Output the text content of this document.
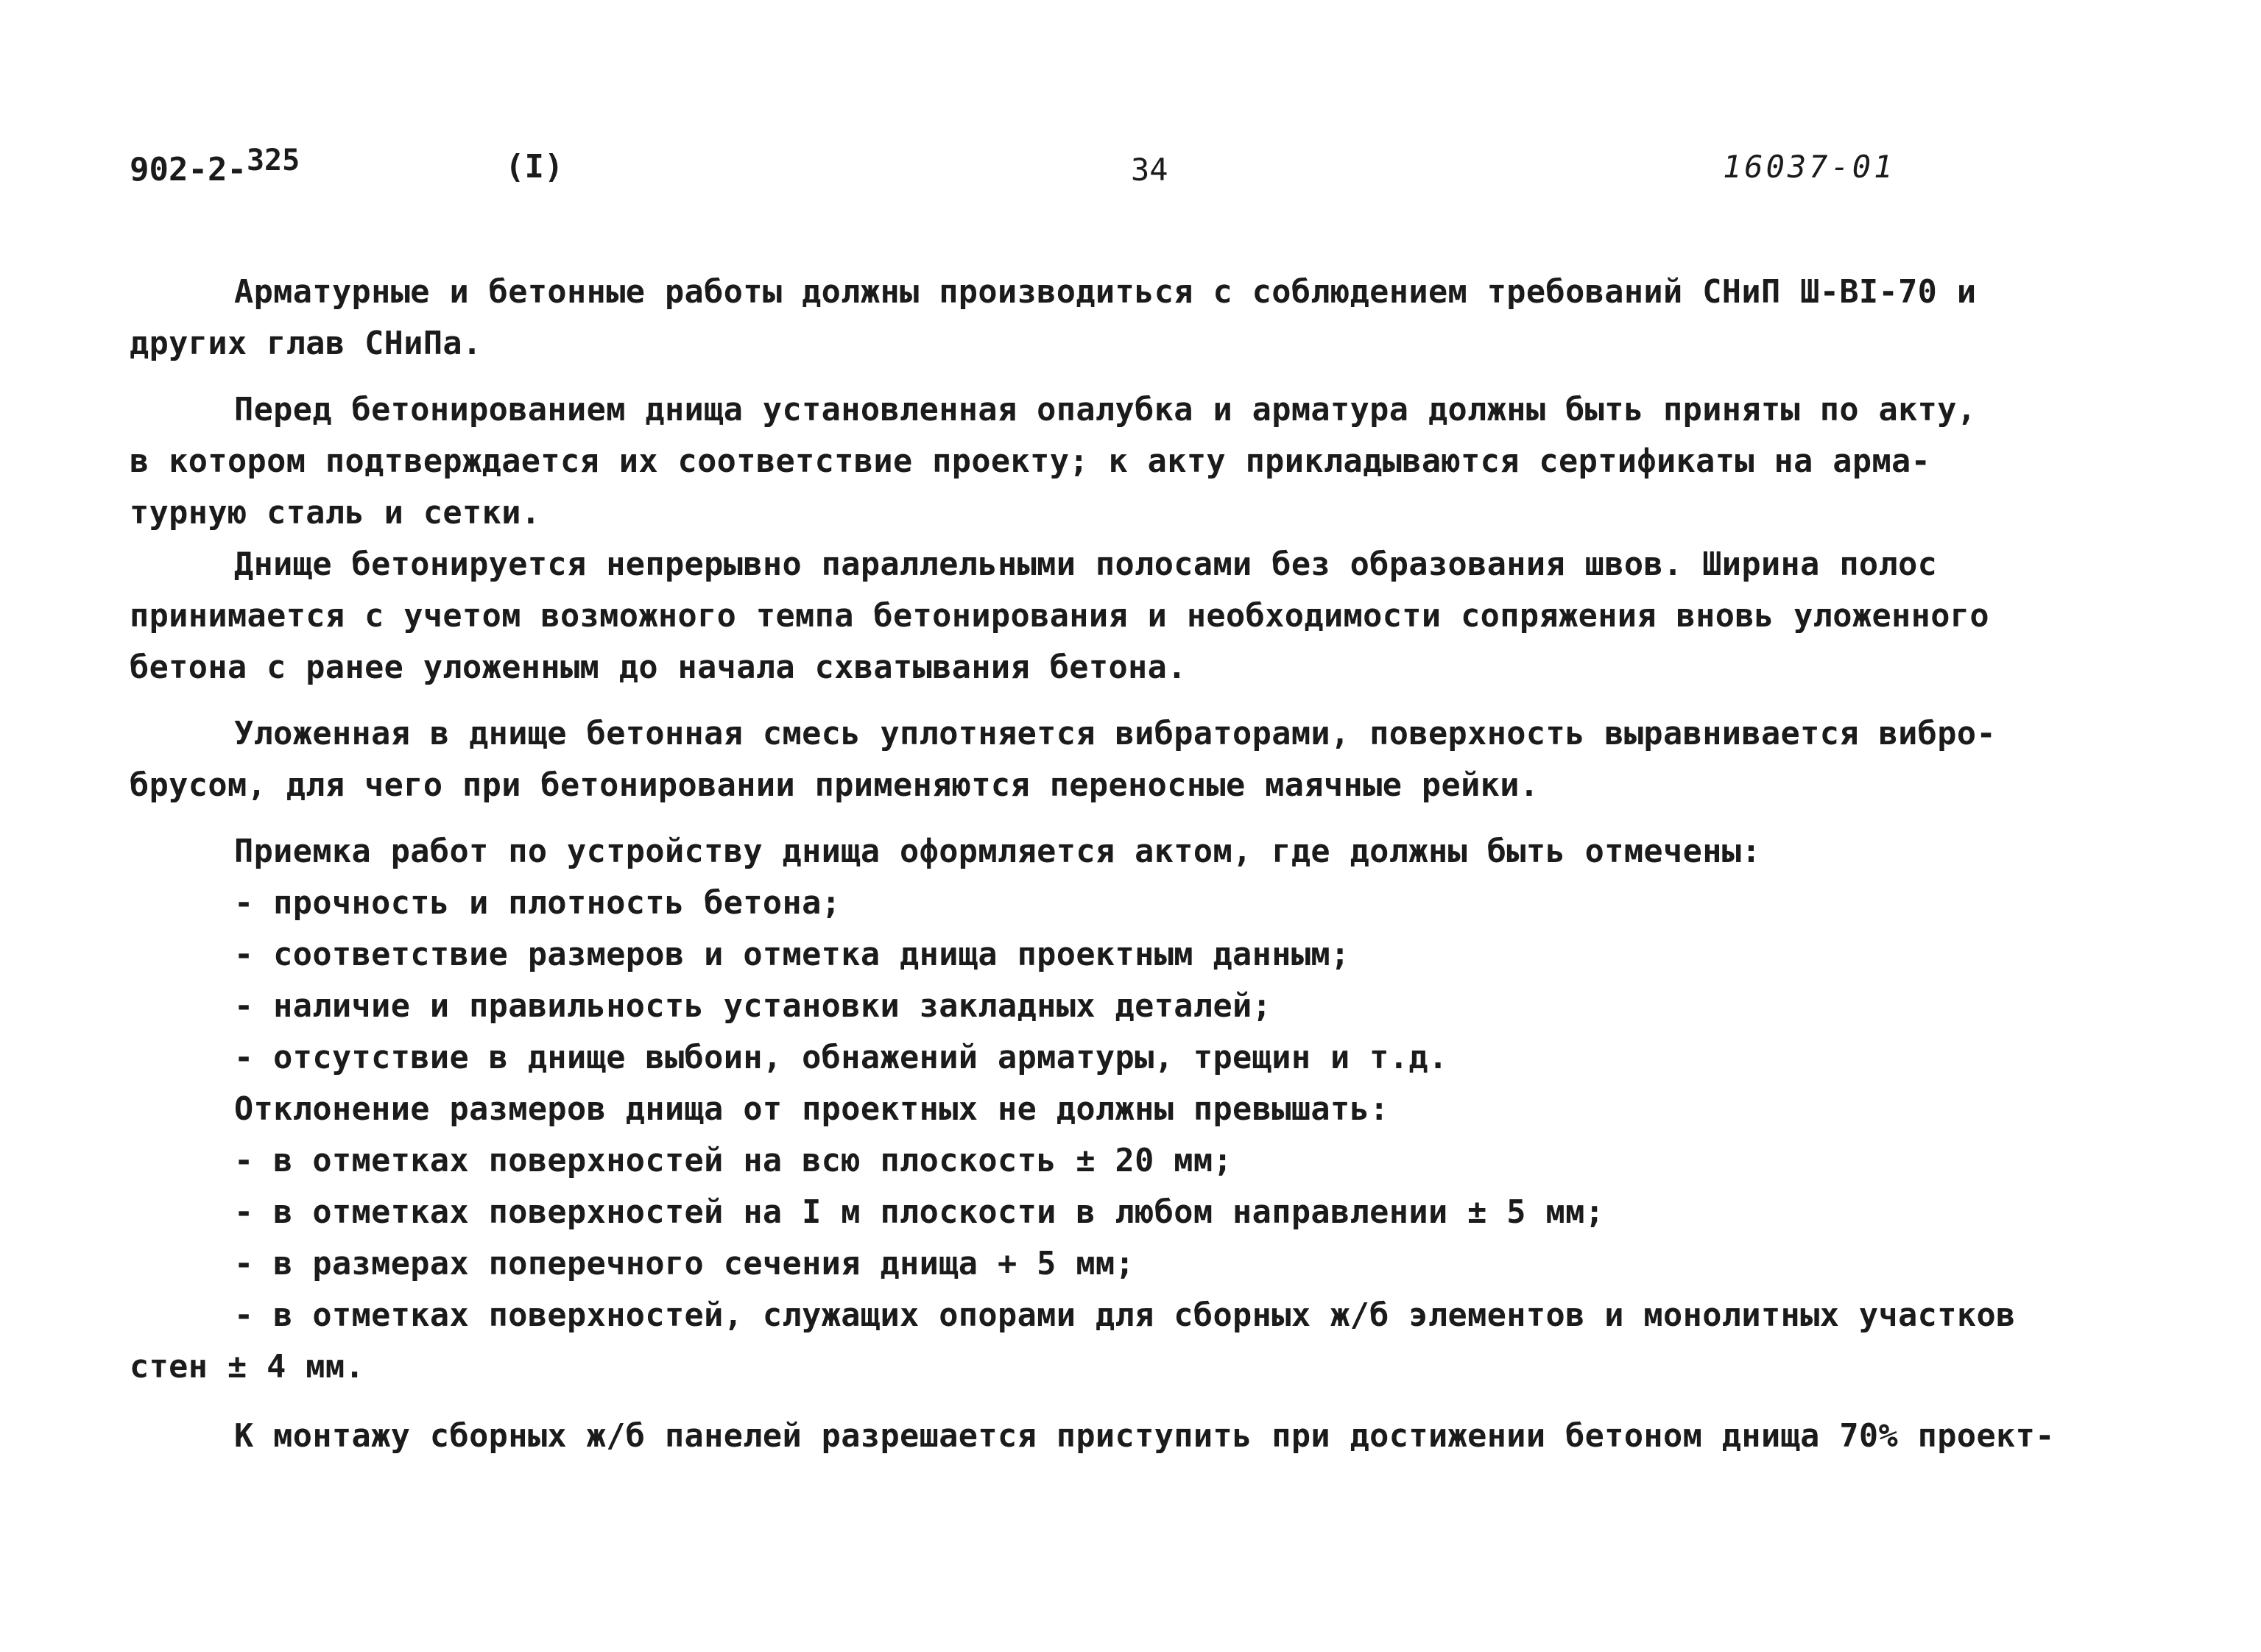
902-2-$^{325}$	(I)	34	16037-01

Арматурные и бетонные работы должны производиться с соблюдением требований СНиП Ш-BI-70 и

других глав СНиПа.

Перед бетонированием днища установленная опалубка и арматура должны быть приняты по акту,

в котором подтверждается их соответствие проекту; к акту прикладываются сертификаты на арма-

турную сталь и сетки.

Днище бетонируется непрерывно параллельными полосами без образования швов. Ширина полос

принимается с учетом возможного темпа бетонирования и необходимости сопряжения вновь уложенного

бетона с ранее уложенным до начала схватывания бетона.

Уложенная в днище бетонная смесь уплотняется вибраторами, поверхность выравнивается вибро-

брусом, для чего при бетонировании применяются переносные маячные рейки.

Приемка работ по устройству днища оформляется актом, где должны быть отмечены:

- прочность и плотность бетона;

- соответствие размеров и отметка днища проектным данным;

- наличие и правильность установки закладных деталей;

- отсутствие в днище выбоин, обнажений арматуры, трещин и т.д.

Отклонение размеров днища от проектных не должны превышать:

- в отметках поверхностей на всю плоскость ± 20 мм;

- в отметках поверхностей на I м плоскости в любом направлении ± 5 мм;

- в размерах поперечного сечения днища + 5 мм;

- в отметках поверхностей, служащих опорами для сборных ж/б элементов и монолитных участков

стен ± 4 мм.

К монтажу сборных ж/б панелей разрешается приступить при достижении бетоном днища 70% проект-
